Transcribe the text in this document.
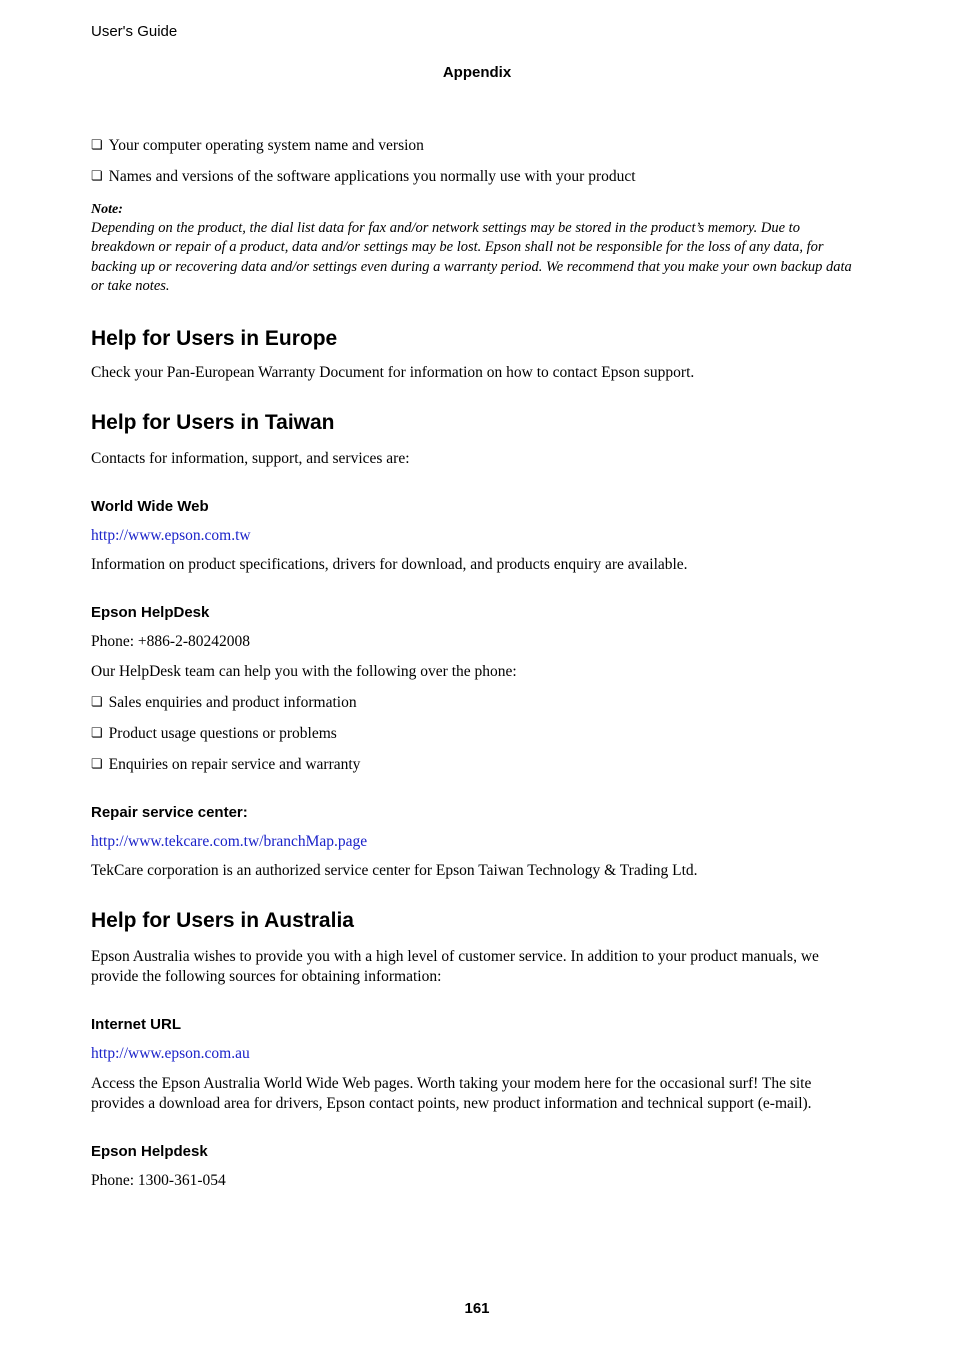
User's Guide
Appendix
❏ Your computer operating system name and version
❏ Names and versions of the software applications you normally use with your product
Note:
Depending on the product, the dial list data for fax and/or network settings may be stored in the product’s memory. Due to breakdown or repair of a product, data and/or settings may be lost. Epson shall not be responsible for the loss of any data, for backing up or recovering data and/or settings even during a warranty period. We recommend that you make your own backup data or take notes.
Help for Users in Europe

Check your Pan-European Warranty Document for information on how to contact Epson support.

Help for Users in Taiwan

Contacts for information, support, and services are:

World Wide Web

http://www.epson.com.tw

Information on product specifications, drivers for download, and products enquiry are available.

Epson HelpDesk

Phone: +886-2-80242008

Our HelpDesk team can help you with the following over the phone:

❏ Sales enquiries and product information
❏ Product usage questions or problems
❏ Enquiries on repair service and warranty
Repair service center:

http://www.tekcare.com.tw/branchMap.page

TekCare corporation is an authorized service center for Epson Taiwan Technology & Trading Ltd.

Help for Users in Australia

Epson Australia wishes to provide you with a high level of customer service. In addition to your product manuals, we provide the following sources for obtaining information:

Internet URL

http://www.epson.com.au

Access the Epson Australia World Wide Web pages. Worth taking your modem here for the occasional surf! The site provides a download area for drivers, Epson contact points, new product information and technical support (e-mail).

Epson Helpdesk

Phone: 1300-361-054

161
